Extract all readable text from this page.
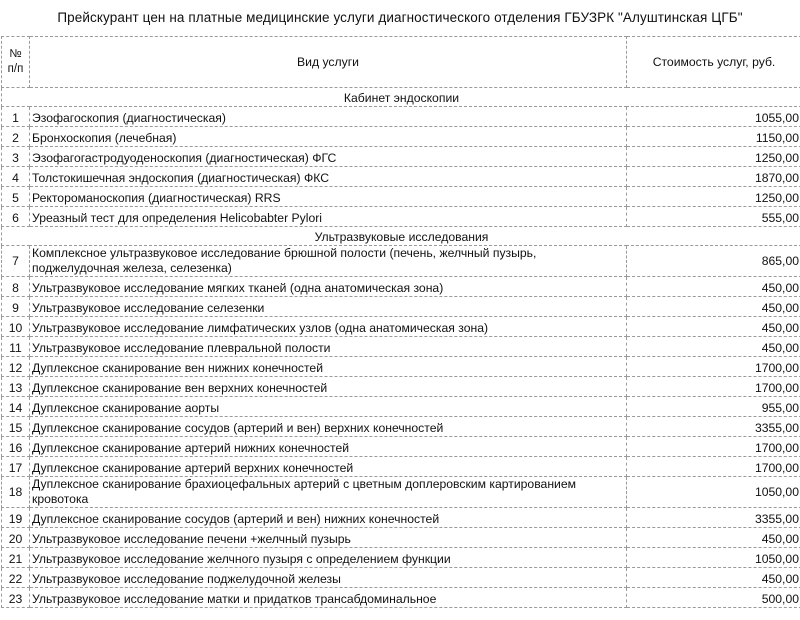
Прейскурант цен на платные медицинские услуги диагностического отделения ГБУЗРК "Алуштинская ЦГБ"
№
п/п	Вид услуги	Стоимость услуг, руб.
Кабинет эндоскопии		
1	Эзофагоскопия (диагностическая)	1055,00
2	Бронхоскопия (лечебная)	1150,00
3	Эзофагогастродуоденоскопия (диагностическая) ФГС	1250,00
4	Толстокишечная эндоскопия (диагностическая) ФКС	1870,00
5	Ректороманоскопия (диагностическая) RRS	1250,00
6	Уреазный тест для определения Helicobabter Pylori	555,00
Ультразвуковые исследования		
7	Комплексное ультразвуковое исследование брюшной полости (печень, желчный пузырь,
поджелудочная железа, селезенка)	865,00
8	Ультразвуковое исследование мягких тканей (одна анатомическая зона)	450,00
9	Ультразвуковое исследование селезенки	450,00
10	Ультразвуковое исследование лимфатических узлов (одна анатомическая зона)	450,00
11	Ультразвуковое исследование плевральной полости	450,00
12	Дуплексное сканирование вен нижних конечностей	1700,00
13	Дуплексное сканирование вен верхних конечностей	1700,00
14	Дуплексное сканирование аорты	955,00
15	Дуплексное сканирование сосудов (артерий и вен) верхних конечностей	3355,00
16	Дуплексное сканирование артерий нижних конечностей	1700,00
17	Дуплексное сканирование артерий верхних конечностей	1700,00
18	Дуплексное сканирование брахиоцефальных артерий с цветным доплеровским картированием
кровотока	1050,00
19	Дуплексное сканирование сосудов (артерий и вен) нижних конечностей	3355,00
20	Ультразвуковое исследование печени +желчный пузырь	450,00
21	Ультразвуковое исследование желчного пузыря с определением функции	1050,00
22	Ультразвуковое исследование поджелудочной железы	450,00
23	Ультразвуковое исследование матки и придатков трансабдоминальное	500,00
